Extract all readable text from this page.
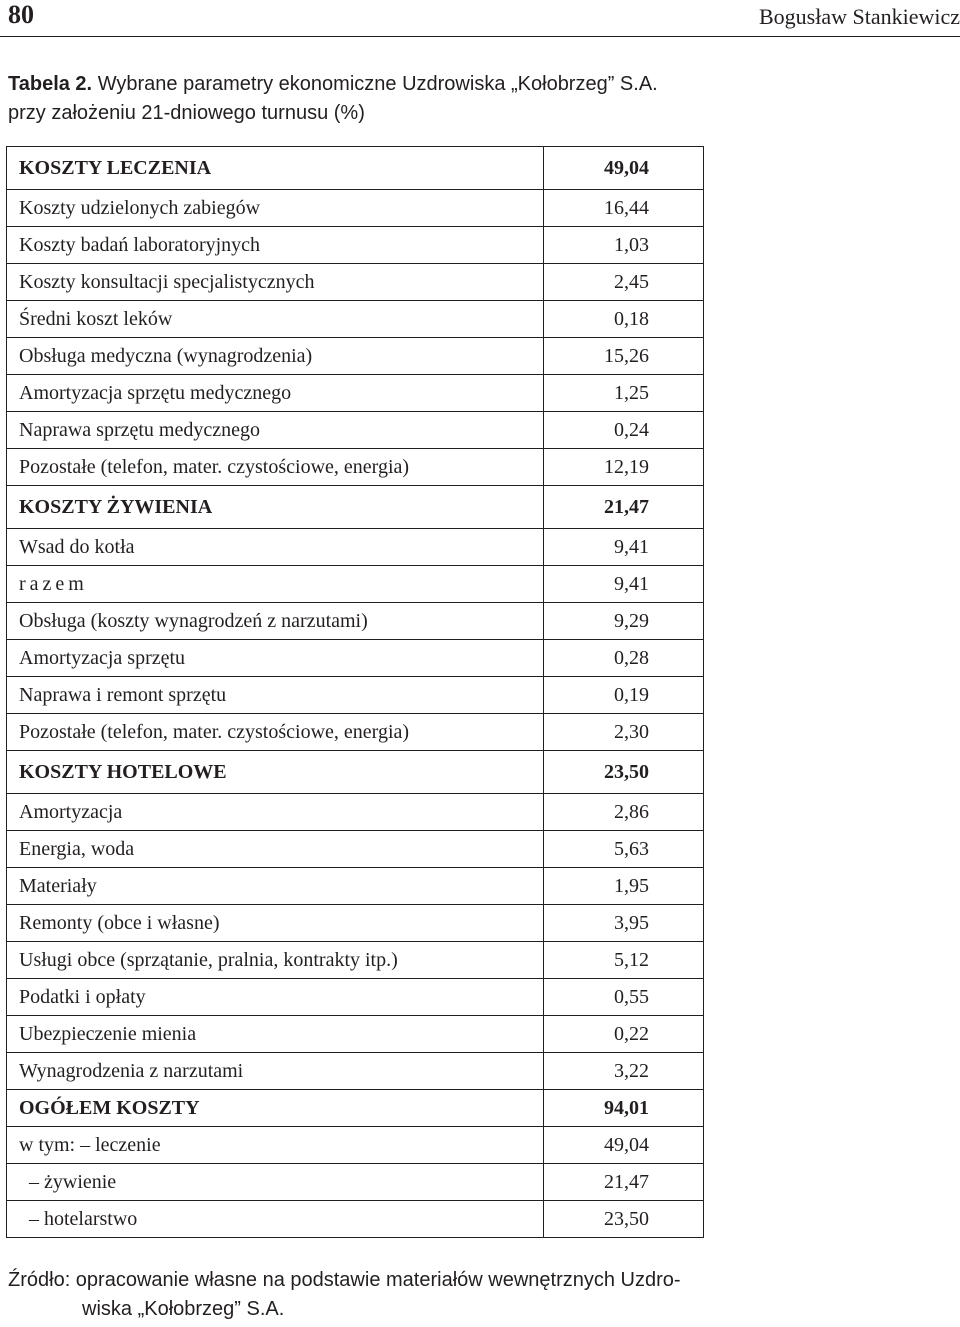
80	Bogusław Stankiewicz
Tabela 2. Wybrane parametry ekonomiczne Uzdrowiska „Kołobrzeg” S.A.
przy założeniu 21-dniowego turnusu (%)
KOSZTY LECZENIA	49,04
Koszty udzielonych zabiegów	16,44
Koszty badań laboratoryjnych	1,03
Koszty konsultacji specjalistycznych	2,45
Średni koszt leków	0,18
Obsługa medyczna (wynagrodzenia)	15,26
Amortyzacja sprzętu medycznego	1,25
Naprawa sprzętu medycznego	0,24
Pozostałe (telefon, mater. czystościowe, energia)	12,19
KOSZTY ŻYWIENIA	21,47
Wsad do kotła	9,41
razem	9,41
Obsługa (koszty wynagrodzeń z narzutami)	9,29
Amortyzacja sprzętu	0,28
Naprawa i remont sprzętu	0,19
Pozostałe (telefon, mater. czystościowe, energia)	2,30
KOSZTY HOTELOWE	23,50
Amortyzacja	2,86
Energia, woda	5,63
Materiały	1,95
Remonty (obce i własne)	3,95
Usługi obce (sprzątanie, pralnia, kontrakty itp.)	5,12
Podatki i opłaty	0,55
Ubezpieczenie mienia	0,22
Wynagrodzenia z narzutami	3,22
OGÓŁEM KOSZTY	94,01
w tym: – leczenie	49,04
– żywienie	21,47
– hotelarstwo	23,50
Źródło: opracowanie własne na podstawie materiałów wewnętrznych Uzdro-
wiska „Kołobrzeg” S.A.
